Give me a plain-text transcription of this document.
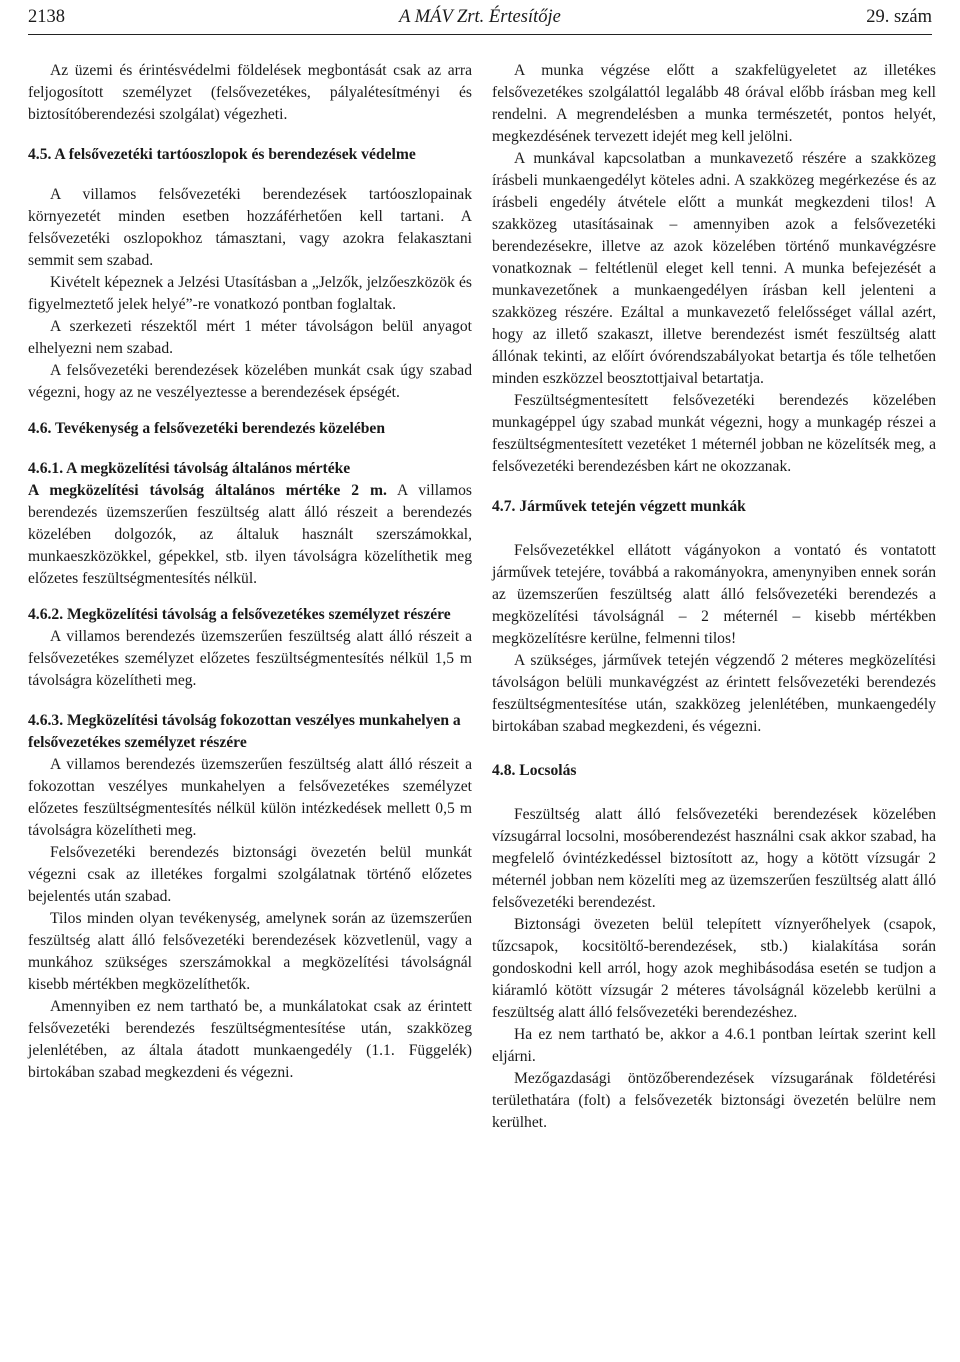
2138	A MÁV Zrt. Értesítője	29. szám

Az üzemi és érintésvédelmi földelések megbontását csak az arra feljogosított személyzet (felsővezetékes, pályalétesítményi és biztosítóberendezési szolgálat) végezheti.

4.5. A felsővezetéki tartóoszlopok és berendezések védelme

A villamos felsővezetéki berendezések tartóoszlopainak környezetét minden esetben hozzáférhetően kell tartani. A felsővezetéki oszlopokhoz támasztani, vagy azokra felakasztani semmit sem szabad.

Kivételt képeznek a Jelzési Utasításban a „Jelzők, jelzőeszközök és figyelmeztető jelek helyé”-re vonatkozó pontban foglaltak.

A szerkezeti részektől mért 1 méter távolságon belül anyagot elhelyezni nem szabad.

A felsővezetéki berendezések közelében munkát csak úgy szabad végezni, hogy az ne veszélyeztesse a berendezések épségét.

4.6. Tevékenység a felsővezetéki berendezés közelében

4.6.1. A megközelítési távolság általános mértéke

A megközelítési távolság általános mértéke 2 m. A villamos berendezés üzemszerűen feszültség alatt álló részeit a berendezés közelében dolgozók, az általuk használt szerszámokkal, munkaeszközökkel, gépekkel, stb. ilyen távolságra közelíthetik meg előzetes feszültségmentesítés nélkül.

4.6.2. Megközelítési távolság a felsővezetékes személyzet részére

A villamos berendezés üzemszerűen feszültség alatt álló részeit a felsővezetékes személyzet előzetes feszültségmentesítés nélkül 1,5 m távolságra közelítheti meg.

4.6.3. Megközelítési távolság fokozottan veszélyes munkahelyen a felsővezetékes személyzet részére

A villamos berendezés üzemszerűen feszültség alatt álló részeit a fokozottan veszélyes munkahelyen a felsővezetékes személyzet előzetes feszültségmentesítés nélkül külön intézkedések mellett 0,5 m távolságra közelítheti meg.

Felsővezetéki berendezés biztonsági övezetén belül munkát végezni csak az illetékes forgalmi szolgálatnak történő előzetes bejelentés után szabad.

Tilos minden olyan tevékenység, amelynek során az üzemszerűen feszültség alatt álló felsővezetéki berendezések közvetlenül, vagy a munkához szükséges szerszámokkal a megközelítési távolságnál kisebb mértékben megközelíthetők.

Amennyiben ez nem tartható be, a munkálatokat csak az érintett felsővezetéki berendezés feszültségmentesítése után, szakközeg jelenlétében, az általa átadott munkaengedély (1.1. Függelék) birtokában szabad megkezdeni és végezni.

A munka végzése előtt a szakfelügyeletet az illetékes felsővezetékes szolgálattól legalább 48 órával előbb írásban meg kell rendelni. A megrendelésben a munka természetét, pontos helyét, megkezdésének tervezett idejét meg kell jelölni.

A munkával kapcsolatban a munkavezető részére a szakközeg írásbeli munkaengedélyt köteles adni. A szakközeg megérkezése és az írásbeli engedély átvétele előtt a munkát megkezdeni tilos! A szakközeg utasításainak – amennyiben azok a felsővezetéki berendezésekre, illetve az azok közelében történő munkavégzésre vonatkoznak – feltétlenül eleget kell tenni. A munka befejezését a munkavezetőnek a munkaengedélyen írásban kell jelenteni a szakközeg részére. Ezáltal a munkavezető felelősséget vállal azért, hogy az illető szakaszt, illetve berendezést ismét feszültség alatt állónak tekinti, az előírt óvórendszabályokat betartja és tőle telhetően minden eszközzel beosztottjaival betartatja.

Feszültségmentesített felsővezetéki berendezés közelében munkagéppel úgy szabad munkát végezni, hogy a munkagép részei a feszültségmentesített vezetéket 1 méternél jobban ne közelítsék meg, a felsővezetéki berendezésben kárt ne okozzanak.

4.7. Járművek tetején végzett munkák

Felsővezetékkel ellátott vágányokon a vontató és vontatott járművek tetejére, továbbá a rakományokra, amenynyiben ennek során az üzemszerűen feszültség alatt álló felsővezetéki berendezés a megközelítési távolságnál – 2 méternél – kisebb mértékben megközelítésre kerülne, felmenni tilos!

A szükséges, járművek tetején végzendő 2 méteres megközelítési távolságon belüli munkavégzést az érintett felsővezetéki berendezés feszültségmentesítése után, szakközeg jelenlétében, munkaengedély birtokában szabad megkezdeni, és végezni.

4.8. Locsolás

Feszültség alatt álló felsővezetéki berendezések közelében vízsugárral locsolni, mosóberendezést használni csak akkor szabad, ha megfelelő óvintézkedéssel biztosított az, hogy a kötött vízsugár 2 méternél jobban nem közelíti meg az üzemszerűen feszültség alatt álló felsővezetéki berendezést.

Biztonsági övezeten belül telepített víznyerőhelyek (csapok, tűzcsapok, kocsitöltő-berendezések, stb.) kialakítása során gondoskodni kell arról, hogy azok meghibásodása esetén se tudjon a kiáramló kötött vízsugár 2 méteres távolságnál közelebb kerülni a feszültség alatt álló felsővezetéki berendezéshez.

Ha ez nem tartható be, akkor a 4.6.1 pontban leírtak szerint kell eljárni.

Mezőgazdasági öntözőberendezések vízsugarának földetérési területhatára (folt) a felsővezeték biztonsági övezetén belülre nem kerülhet.
